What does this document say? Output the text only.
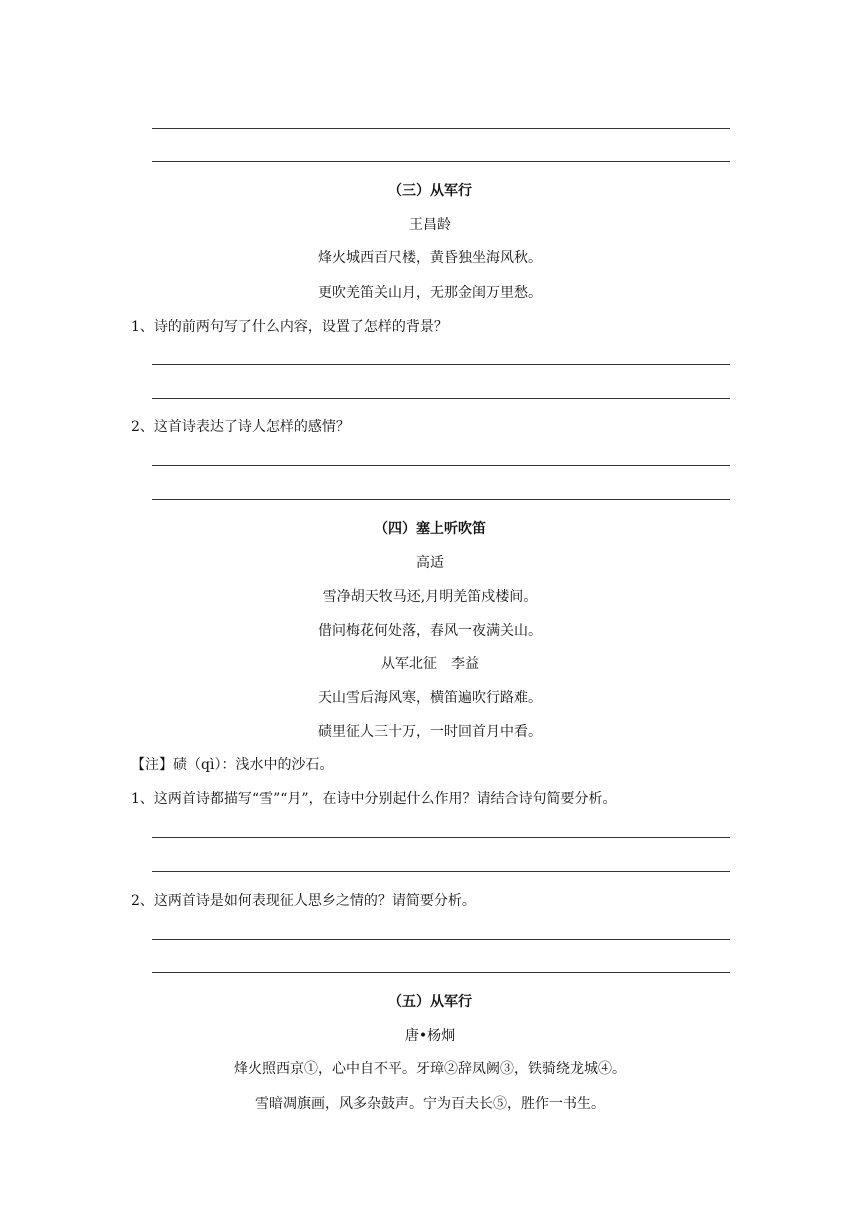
（三）从军行
王昌龄
烽火城西百尺楼，黄昏独坐海风秋。
更吹羌笛关山月，无那金闺万里愁。
1、诗的前两句写了什么内容，设置了怎样的背景？
2、这首诗表达了诗人怎样的感情？
（四）塞上听吹笛
高适
雪净胡天牧马还,月明羌笛戍楼间。
借问梅花何处落，春风一夜满关山。
从军北征　李益
天山雪后海风寒，横笛遍吹行路难。
碛里征人三十万，一时回首月中看。
【注】碛（qì）：浅水中的沙石。
1、这两首诗都描写“雪”“月”，在诗中分别起什么作用？请结合诗句简要分析。
2、这两首诗是如何表现征人思乡之情的？请简要分析。
（五）从军行
唐•杨炯
烽火照西京①，心中自不平。牙璋②辞凤阙③，铁骑绕龙城④。
雪暗凋旗画，风多杂鼓声。宁为百夫长⑤，胜作一书生。
